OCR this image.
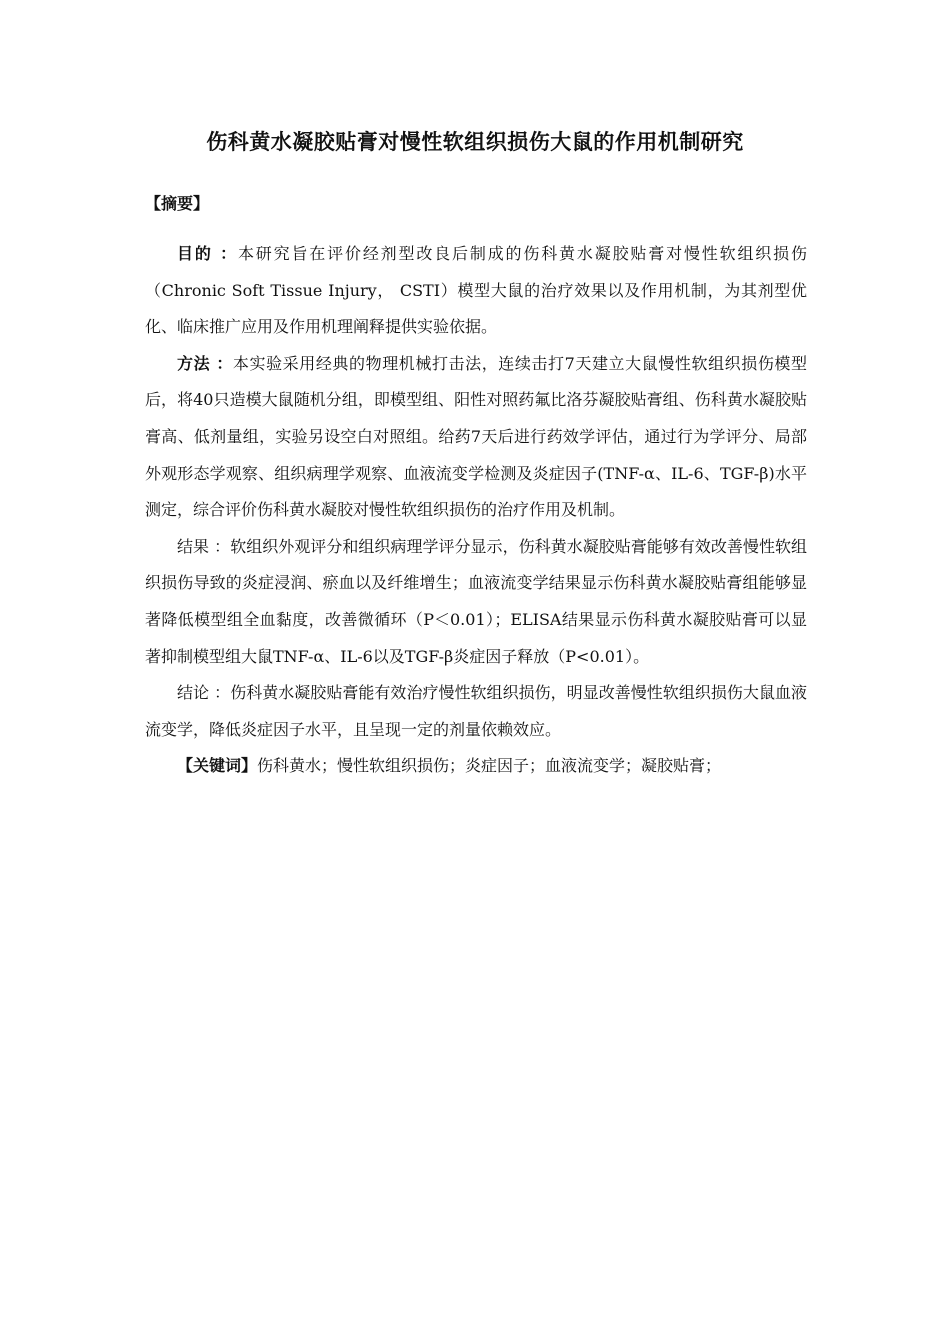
伤科黄水凝胶贴膏对慢性软组织损伤大鼠的作用机制研究
【摘要】

目的 ：本研究旨在评价经剂型改良后制成的伤科黄水凝胶贴膏对慢性软组织损伤（Chronic Soft Tissue Injury， CSTI）模型大鼠的治疗效果以及作用机制，为其剂型优化、临床推广应用及作用机理阐释提供实验依据。

方法 ：本实验采用经典的物理机械打击法，连续击打7天建立大鼠慢性软组织损伤模型后，将40只造模大鼠随机分组，即模型组、阳性对照药氟比洛芬凝胶贴膏组、伤科黄水凝胶贴膏高、低剂量组，实验另设空白对照组。给药7天后进行药效学评估，通过行为学评分、局部外观形态学观察、组织病理学观察、血液流变学检测及炎症因子(TNF-α、IL-6、TGF-β)水平测定，综合评价伤科黄水凝胶对慢性软组织损伤的治疗作用及机制。

结果 ：软组织外观评分和组织病理学评分显示，伤科黄水凝胶贴膏能够有效改善慢性软组织损伤导致的炎症浸润、瘀血以及纤维增生；血液流变学结果显示伤科黄水凝胶贴膏组能够显著降低模型组全血黏度，改善微循环（P＜0.01）；ELISA结果显示伤科黄水凝胶贴膏可以显著抑制模型组大鼠TNF-α、IL-6以及TGF-β炎症因子释放（P<0.01）。

结论 ：伤科黄水凝胶贴膏能有效治疗慢性软组织损伤，明显改善慢性软组织损伤大鼠血液流变学，降低炎症因子水平，且呈现一定的剂量依赖效应。

【关键词】伤科黄水；慢性软组织损伤；炎症因子；血液流变学；凝胶贴膏；
